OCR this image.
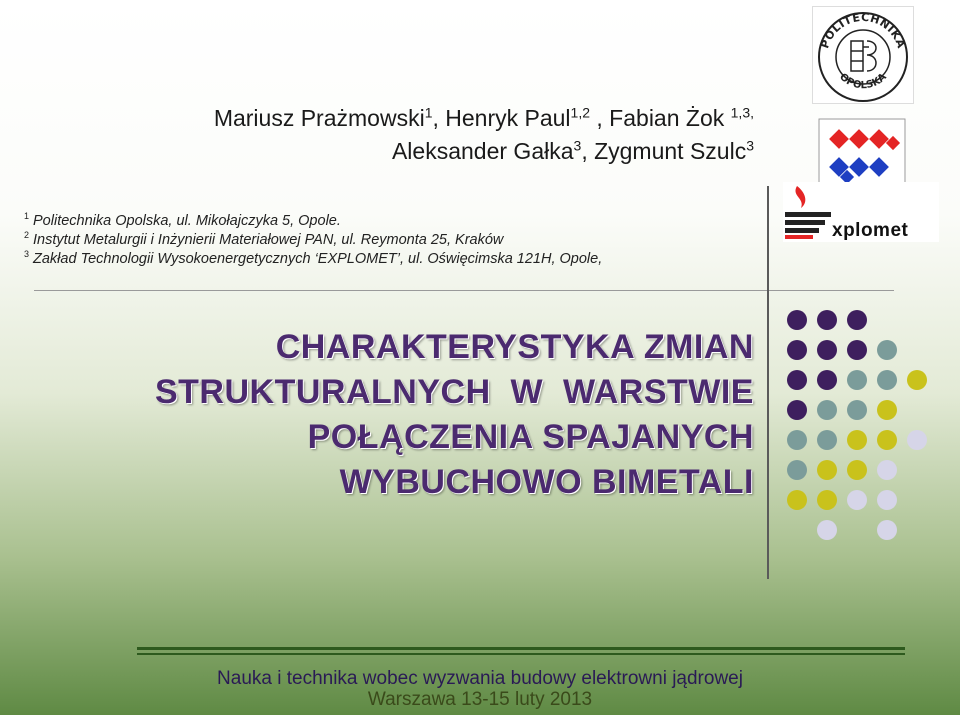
Mariusz Prażmowski$^1$, Henryk Paul$^{1,2}$ , Fabian Żok $^{1,3,}$
Aleksander Gałka$^3$, Zygmunt Szulc$^3$
$^1$ Politechnika Opolska, ul. Mikołajczyka 5, Opole.
$^2$ Instytut Metalurgii i Inżynierii Materiałowej PAN, ul. Reymonta 25, Kraków
$^3$ Zakład Technologii Wysokoenergetycznych ‘EXPLOMET’, ul. Oświęcimska 121H, Opole,
CHARAKTERYSTYKA ZMIAN
STRUKTURALNYCH  W  WARSTWIE
POŁĄCZENIA SPAJANYCH
WYBUCHOWO BIMETALI
POLITECHNIKA
OPOLSKA
xplomet
Nauka i technika wobec wyzwania budowy elektrowni jądrowej
Warszawa 13-15 luty 2013
